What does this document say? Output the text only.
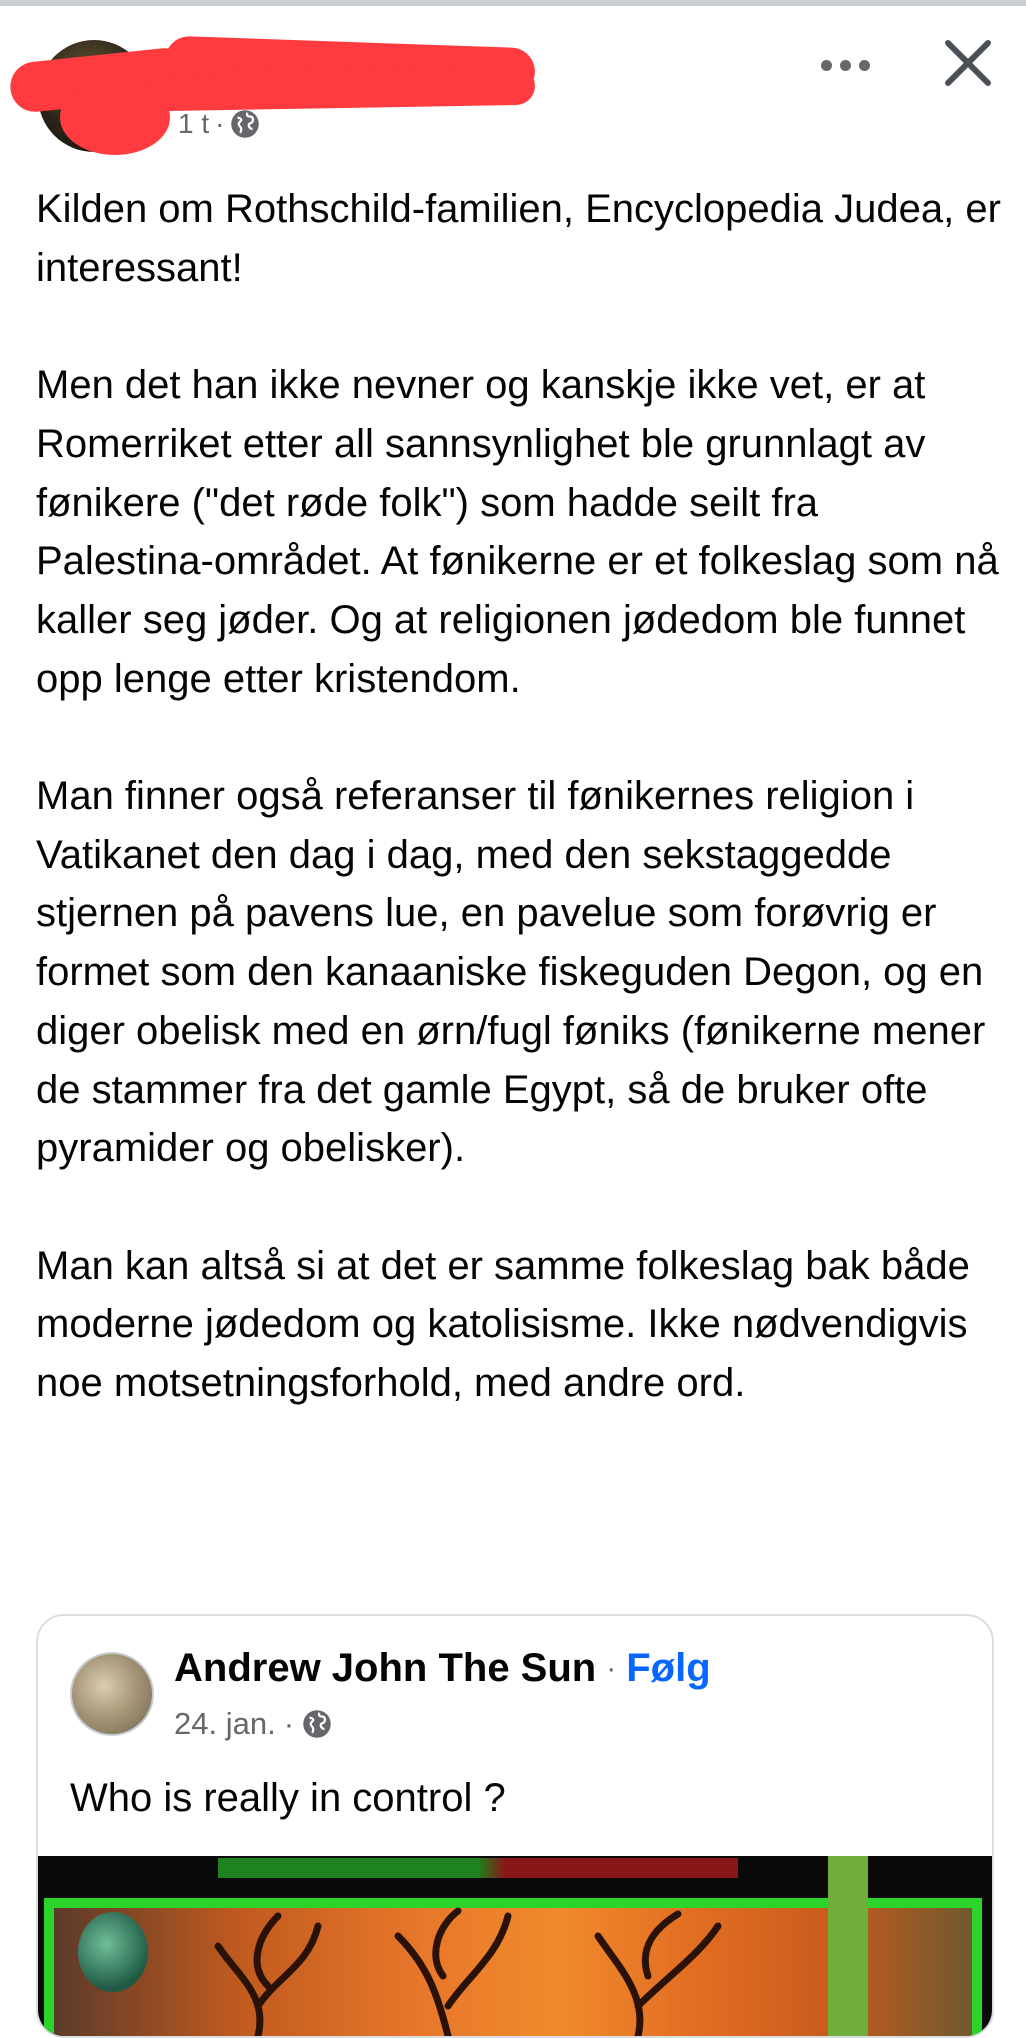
1 t ·

Kilden om Rothschild-familien, Encyclopedia Judea, er interessant!

Men det han ikke nevner og kanskje ikke vet, er at Romerriket etter all sannsynlighet ble grunnlagt av fønikere ("det røde folk") som hadde seilt fra Palestina-området. At fønikerne er et folkeslag som nå kaller seg jøder. Og at religionen jødedom ble funnet opp lenge etter kristendom.

Man finner også referanser til fønikernes religion i Vatikanet den dag i dag, med den sekstaggedde stjernen på pavens lue, en pavelue som forøvrig er formet som den kanaaniske fiskeguden Degon, og en diger obelisk med en ørn/fugl føniks (fønikerne mener de stammer fra det gamle Egypt, så de bruker ofte pyramider og obelisker).

Man kan altså si at det er samme folkeslag bak både moderne jødedom og katolisisme. Ikke nødvendigvis noe motsetningsforhold, med andre ord.

Andrew John The Sun · Følg
24. jan. ·
Who is really in control ?
